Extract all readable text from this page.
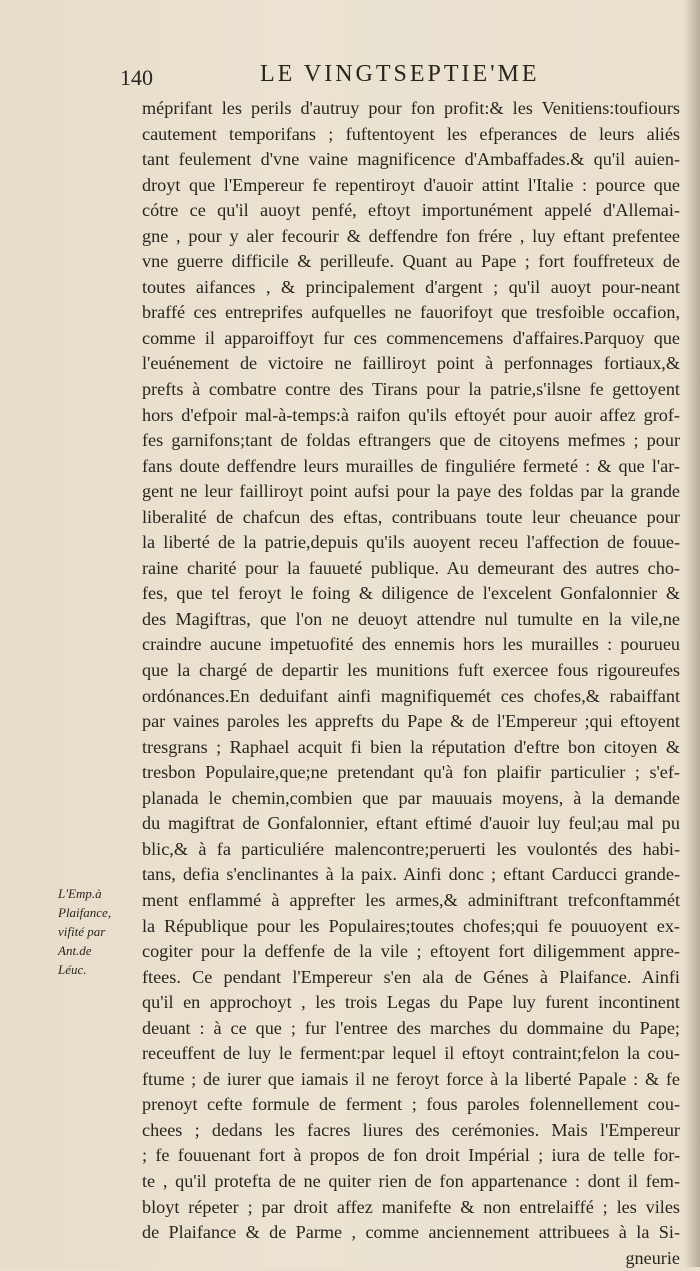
140	LE VINGTSEPTIE'ME
méprifant les perils d'autruy pour fon profit:& les Venitiens:toufiours
cautement temporifans ; fuftentoyent les efperances de leurs aliés
tant feulement d'vne vaine magnificence d'Ambaffades.& qu'il auien-
droyt que l'Empereur fe repentiroyt d'auoir attint l'Italie : pource que
cótre ce qu'il auoyt penfé, eftoyt importunément appelé d'Allemai-
gne , pour y aler fecourir & deffendre fon frére , luy eftant prefentee
vne guerre difficile & perilleufe. Quant au Pape ; fort fouffreteux de
toutes aifances , & principalement d'argent ; qu'il auoyt pour-neant
braffé ces entreprifes aufquelles ne fauorifoyt que tresfoible occafion,
comme il apparoiffoyt fur ces commencemens d'affaires.Parquoy que
l'euénement de victoire ne failliroyt point à perfonnages fortiaux,&
prefts à combatre contre des Tirans pour la patrie,s'ilsne fe gettoyent
hors d'efpoir mal-à-temps:à raifon qu'ils eftoyét pour auoir affez grof-
fes garnifons;tant de foldas eftrangers que de citoyens mefmes ; pour
fans doute deffendre leurs murailles de finguliére fermeté : & que l'ar-
gent ne leur failliroyt point aufsi pour la paye des foldas par la grande
liberalité de chafcun des eftas, contribuans toute leur cheuance pour
la liberté de la patrie,depuis qu'ils auoyent receu l'affection de fouue-
raine charité pour la fauueté publique. Au demeurant des autres cho-
fes, que tel feroyt le foing & diligence de l'excelent Gonfalonnier &
des Magiftras, que l'on ne deuoyt attendre nul tumulte en la vile,ne
craindre aucune impetuofité des ennemis hors les murailles : pourueu
que la chargé de departir les munitions fuft exercee fous rigoureufes
ordónances.En deduifant ainfi magnifiquemét ces chofes,& rabaiffant
par vaines paroles les apprefts du Pape & de l'Empereur ;qui eftoyent
tresgrans ; Raphael acquit fi bien la réputation d'eftre bon citoyen &
tresbon Populaire,que;ne pretendant qu'à fon plaifir particulier ; s'ef-
planada le chemin,combien que par mauuais moyens, à la demande
du magiftrat de Gonfalonnier, eftant eftimé d'auoir luy feul;au mal pu
blic,& à fa particuliére malencontre;peruerti les voulontés des habi-
tans, defia s'enclinantes à la paix. Ainfi donc ; eftant Carducci grande-
ment enflammé à apprefter les armes,& adminiftrant trefconftammét
la République pour les Populaires;toutes chofes;qui fe pouuoyent ex-
cogiter pour la deffenfe de la vile ; eftoyent fort diligemment appre-
ftees. Ce pendant l'Empereur s'en ala de Génes à Plaifance. Ainfi
qu'il en approchoyt , les trois Legas du Pape luy furent incontinent
deuant : à ce que ; fur l'entree des marches du dommaine du Pape;
receuffent de luy le ferment:par lequel il eftoyt contraint;felon la cou-
ftume ; de iurer que iamais il ne feroyt force à la liberté Papale : & fe
prenoyt cefte formule de ferment ; fous paroles folennellement cou-
chees ; dedans les facres liures des cerémonies. Mais l'Empereur
; fe fouuenant fort à propos de fon droit Impérial ; iura de telle for-
te , qu'il protefta de ne quiter rien de fon appartenance : dont il fem-
bloyt répeter ; par droit affez manifefte & non entrelaiffé ; les viles
de Plaifance & de Parme , comme anciennement attribuees à la Si-
gneurie
L'Emp.à
Plaifance,
vifité par
Ant.de
Léuc.
